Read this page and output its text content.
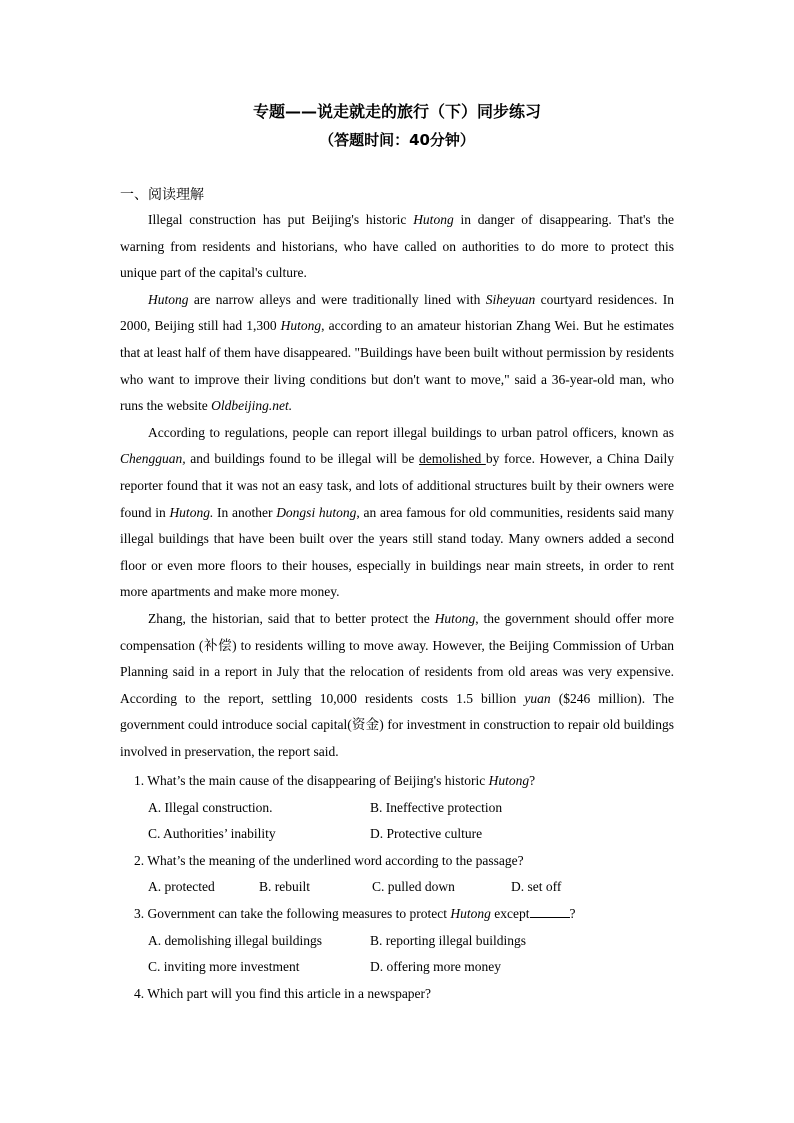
专题——说走就走的旅行（下）同步练习
（答题时间：40分钟）
一、阅读理解

Illegal construction has put Beijing's historic Hutong in danger of disappearing. That's the warning from residents and historians, who have called on authorities to do more to protect this unique part of the capital's culture.

Hutong are narrow alleys and were traditionally lined with Siheyuan courtyard residences. In 2000, Beijing still had 1,300 Hutong, according to an amateur historian Zhang Wei. But he estimates that at least half of them have disappeared. "Buildings have been built without permission by residents who want to improve their living conditions but don't want to move," said a 36-year-old man, who runs the website Oldbeijing.net.

According to regulations, people can report illegal buildings to urban patrol officers, known as Chengguan, and buildings found to be illegal will be demolished by force. However, a China Daily reporter found that it was not an easy task, and lots of additional structures built by their owners were found in Hutong. In another Dongsi hutong, an area famous for old communities, residents said many illegal buildings that have been built over the years still stand today. Many owners added a second floor or even more floors to their houses, especially in buildings near main streets, in order to rent more apartments and make more money.

Zhang, the historian, said that to better protect the Hutong, the government should offer more compensation (补偿) to residents willing to move away. However, the Beijing Commission of Urban Planning said in a report in July that the relocation of residents from old areas was very expensive. According to the report, settling 10,000 residents costs 1.5 billion yuan ($246 million). The government could introduce social capital(资金) for investment in construction to repair old buildings involved in preservation, the report said.

1. What’s the main cause of the disappearing of Beijing's historic Hutong?
A. Illegal construction.	B. Ineffective protection
C. Authorities’ inability	D. Protective culture
2. What’s the meaning of the underlined word according to the passage?
A. protected	B. rebuilt	C. pulled down	D. set off
3. Government can take the following measures to protect Hutong except	?
A. demolishing illegal buildings	B. reporting illegal buildings
C. inviting more investment	D. offering more money
4. Which part will you find this article in a newspaper?
